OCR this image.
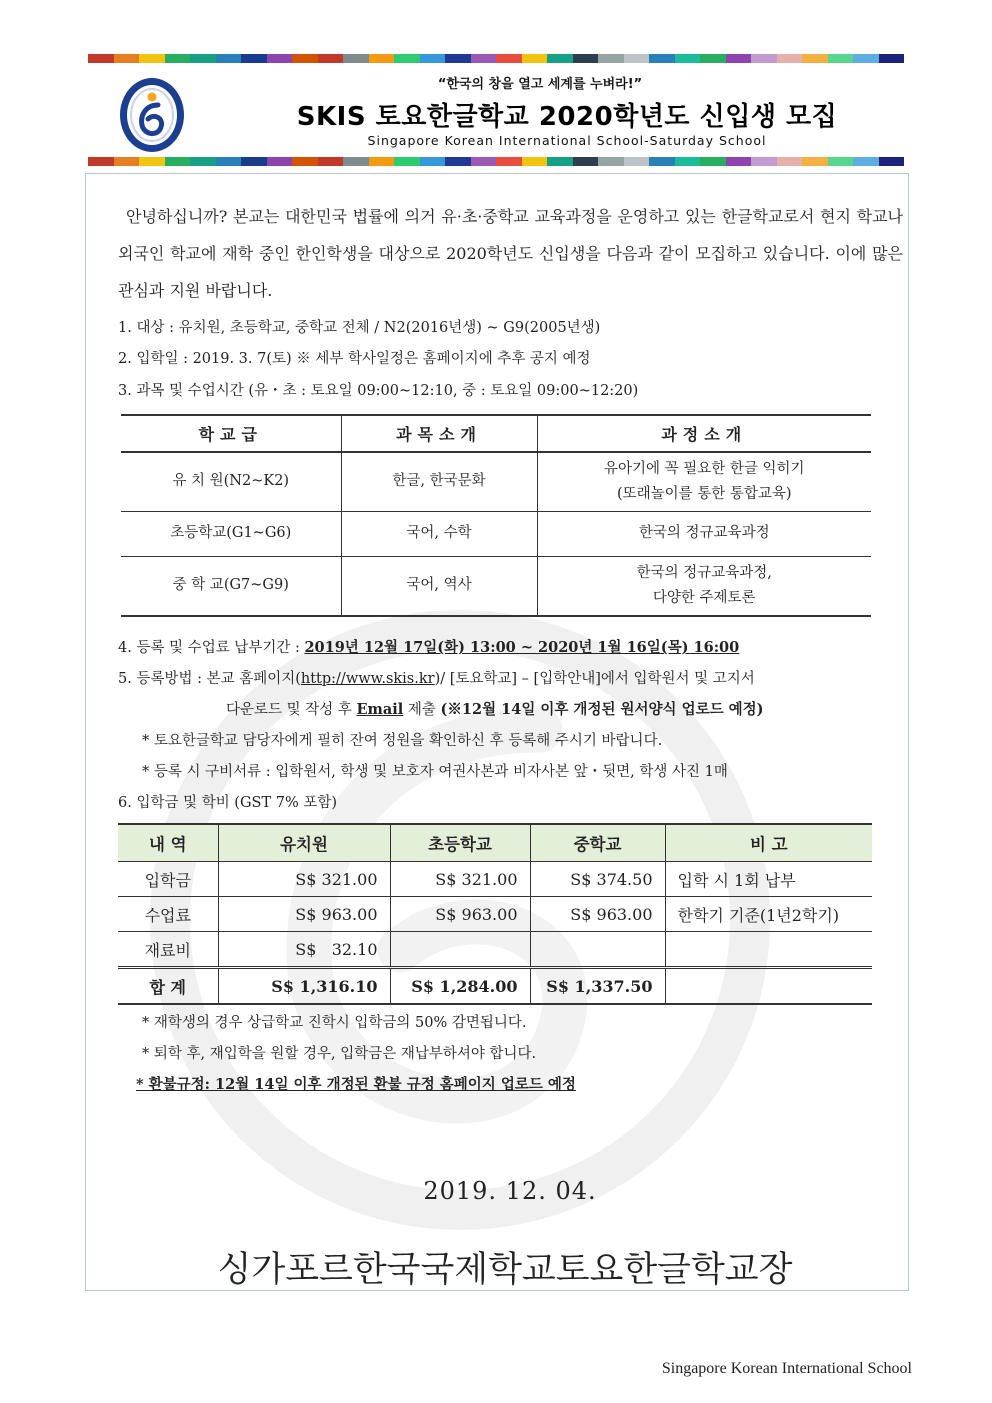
“한국의 창을 열고 세계를 누벼라!”
SKIS 토요한글학교 2020학년도 신입생 모집
Singapore Korean International School-Saturday School

안녕하십니까? 본교는 대한민국 법률에 의거 유·초·중학교 교육과정을 운영하고 있는 한글학교로서 현지 학교나 외국인 학교에 재학 중인 한인학생을 대상으로 2020학년도 신입생을 다음과 같이 모집하고 있습니다. 이에 많은 관심과 지원 바랍니다.

1. 대상 : 유치원, 초등학교, 중학교 전체 / N2(2016년생) ~ G9(2005년생)

2. 입학일 : 2019. 3. 7(토) ※ 세부 학사일정은 홈페이지에 추후 공지 예정

3. 과목 및 수업시간 (유・초 : 토요일 09:00~12:10, 중 : 토요일 09:00~12:20)

학교급	과목소개	과정소개
유 치 원(N2~K2)	한글, 한국문화	유아기에 꼭 필요한 한글 익히기
(또래놀이를 통한 통합교육)

초등학교(G1~G6)	국어, 수학	한국의 정규교육과정

중 학 교(G7~G9)	국어, 역사	한국의 정규교육과정,
다양한 주제토론

4. 등록 및 수업료 납부기간 : 2019년 12월 17일(화) 13:00 ~ 2020년 1월 16일(목) 16:00

5. 등록방법 : 본교 홈페이지(http://www.skis.kr)/ [토요학교] – [입학안내]에서 입학원서 및 고지서

다운로드 및 작성 후 Email 제출 (※12월 14일 이후 개정된 원서양식 업로드 예정)

* 토요한글학교 담당자에게 필히 잔여 정원을 확인하신 후 등록해 주시기 바랍니다.

* 등록 시 구비서류 : 입학원서, 학생 및 보호자 여권사본과 비자사본 앞・뒷면, 학생 사진 1매

6. 입학금 및 학비 (GST 7% 포함)

내 역	유치원	초등학교	중학교	비 고
입학금	S$ 321.00	S$ 321.00	S$ 374.50	입학 시 1회 납부
수업료	S$ 963.00	S$ 963.00	S$ 963.00	한학기 기준(1년2학기)
재료비	S$   32.10			
합 계	S$ 1,316.10	S$ 1,284.00	S$ 1,337.50	

* 재학생의 경우 상급학교 진학시 입학금의 50% 감면됩니다.

* 퇴학 후, 재입학을 원할 경우, 입학금은 재납부하셔야 합니다.

* 환불규정: 12월 14일 이후 개정된 환불 규정 홈페이지 업로드 예정

2019. 12. 04.

싱가포르한국국제학교토요한글학교장

Singapore Korean International School
